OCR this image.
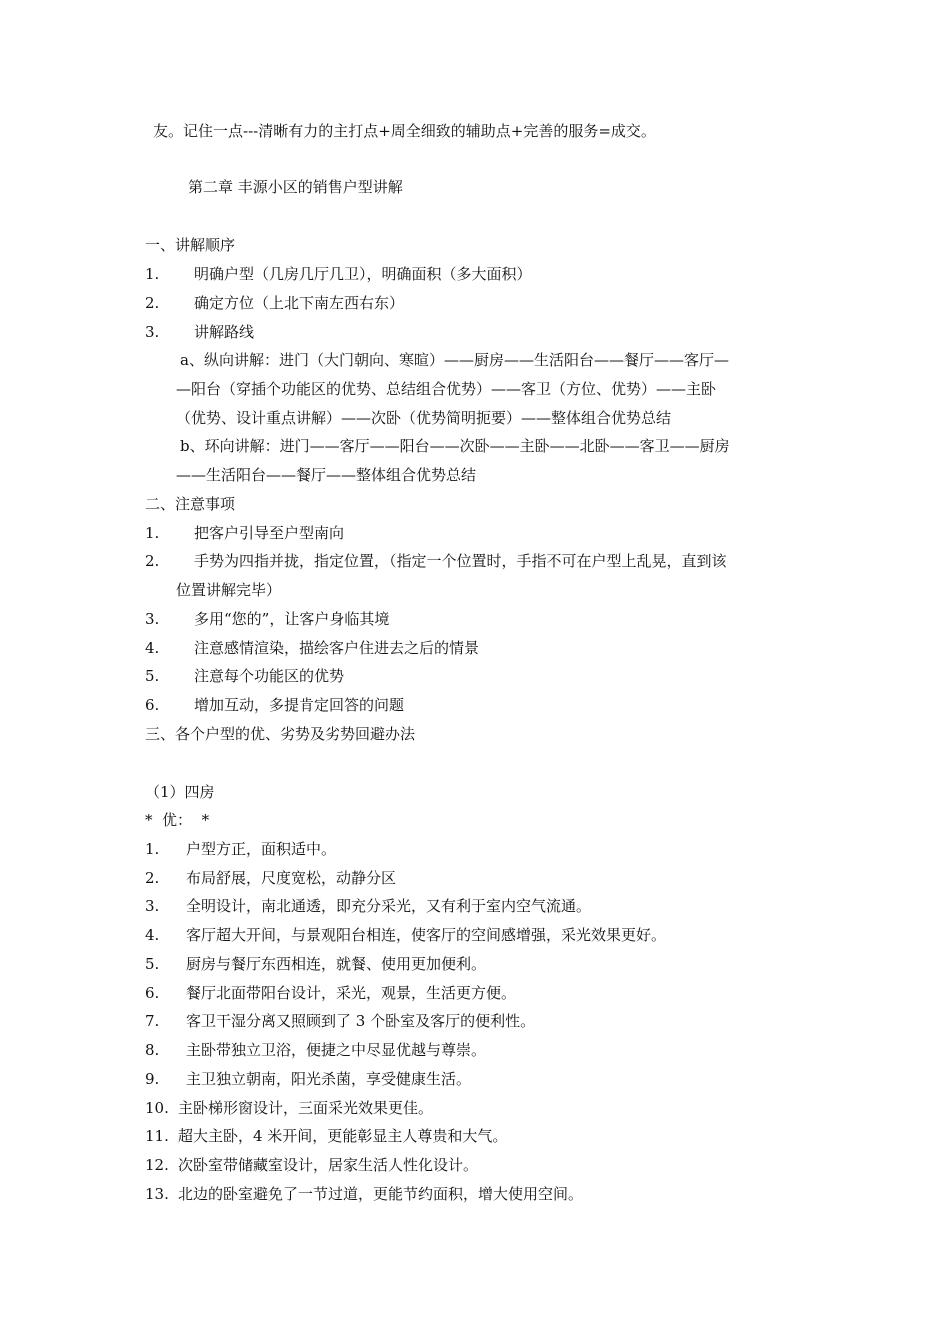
友。记住一点---清晰有力的主打点+周全细致的辅助点+完善的服务=成交。
第二章 丰源小区的销售户型讲解
一、讲解顺序
1. 明确户型（几房几厅几卫），明确面积（多大面积）
2. 确定方位（上北下南左西右东）
3. 讲解路线
a、纵向讲解：进门（大门朝向、寒暄）——厨房——生活阳台——餐厅——客厅—
—阳台（穿插个功能区的优势、总结组合优势）——客卫（方位、优势）——主卧
（优势、设计重点讲解）——次卧（优势简明扼要）——整体组合优势总结
b、环向讲解：进门——客厅——阳台——次卧——主卧——北卧——客卫——厨房
——生活阳台——餐厅——整体组合优势总结
二、注意事项
1. 把客户引导至户型南向
2. 手势为四指并拢，指定位置，（指定一个位置时，手指不可在户型上乱晃，直到该
位置讲解完毕）
3. 多用“您的”，让客户身临其境
4. 注意感情渲染，描绘客户住进去之后的情景
5. 注意每个功能区的优势
6. 增加互动，多提肯定回答的问题
三、各个户型的优、劣势及劣势回避办法
（1）四房
*  优：  *
1. 户型方正，面积适中。
2. 布局舒展，尺度宽松，动静分区
3. 全明设计，南北通透，即充分采光，又有利于室内空气流通。
4. 客厅超大开间，与景观阳台相连，使客厅的空间感增强，采光效果更好。
5. 厨房与餐厅东西相连，就餐、使用更加便利。
6. 餐厅北面带阳台设计，采光，观景，生活更方便。
7. 客卫干湿分离又照顾到了 3 个卧室及客厅的便利性。
8. 主卧带独立卫浴，便捷之中尽显优越与尊崇。
9. 主卫独立朝南，阳光杀菌，享受健康生活。
10. 主卧梯形窗设计，三面采光效果更佳。
11. 超大主卧，4 米开间，更能彰显主人尊贵和大气。
12. 次卧室带储藏室设计，居家生活人性化设计。
13. 北边的卧室避免了一节过道，更能节约面积，增大使用空间。
